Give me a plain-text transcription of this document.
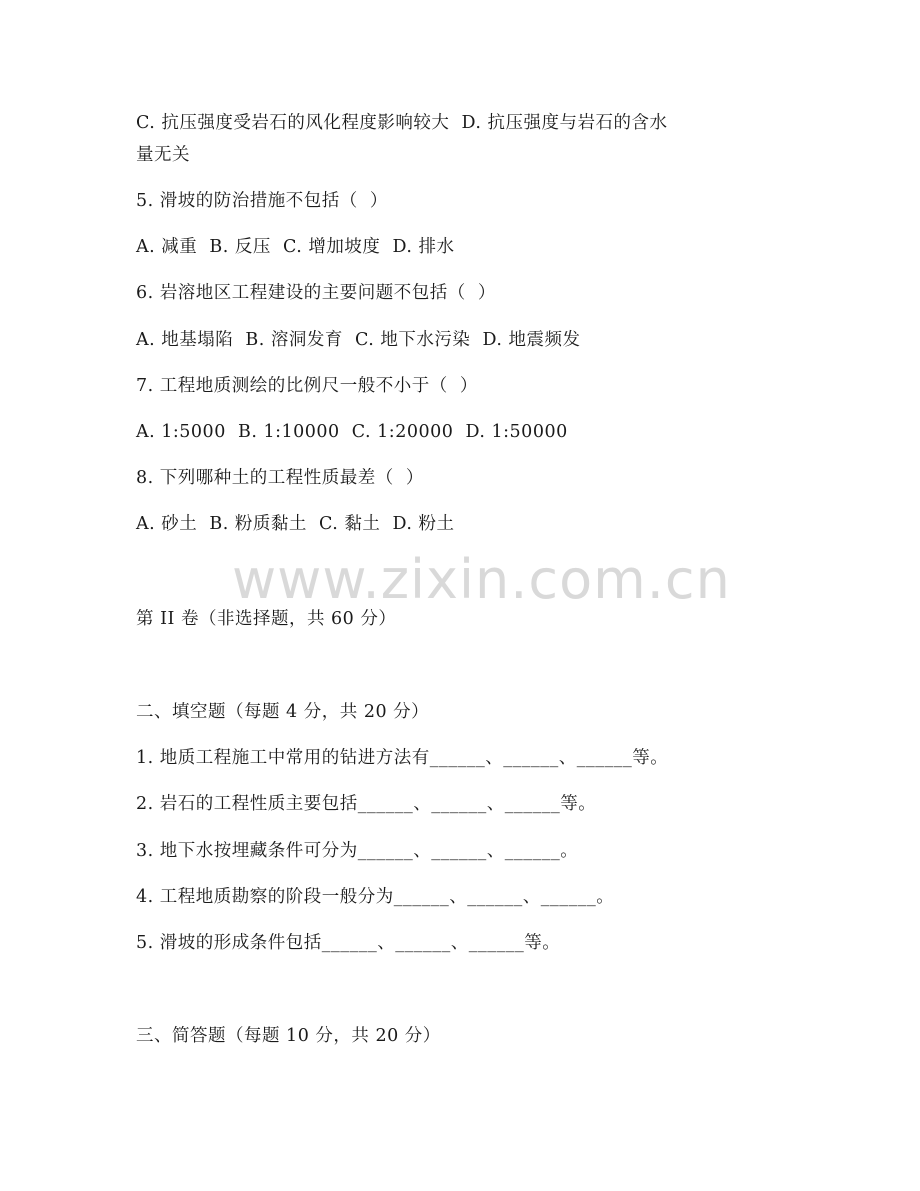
www.zixin.com.cn
C. 抗压强度受岩石的风化程度影响较大  D. 抗压强度与岩石的含水
量无关
5. 滑坡的防治措施不包括（  ）
A. 减重  B. 反压  C. 增加坡度  D. 排水
6. 岩溶地区工程建设的主要问题不包括（  ）
A. 地基塌陷  B. 溶洞发育  C. 地下水污染  D. 地震频发
7. 工程地质测绘的比例尺一般不小于（  ）
A. 1:5000  B. 1:10000  C. 1:20000  D. 1:50000
8. 下列哪种土的工程性质最差（  ）
A. 砂土  B. 粉质黏土  C. 黏土  D. 粉土
第 II 卷（非选择题，共 60 分）
二、填空题（每题 4 分，共 20 分）
1. 地质工程施工中常用的钻进方法有______、______、______等。
2. 岩石的工程性质主要包括______、______、______等。
3. 地下水按埋藏条件可分为______、______、______。
4. 工程地质勘察的阶段一般分为______、______、______。
5. 滑坡的形成条件包括______、______、______等。
三、简答题（每题 10 分，共 20 分）
